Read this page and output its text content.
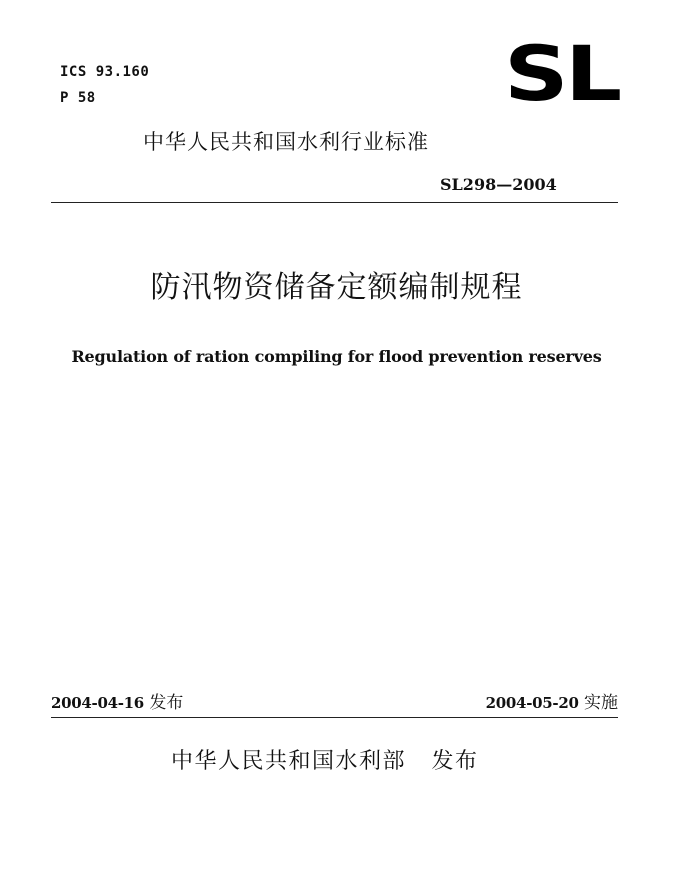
ICS 93.160
P 58	SL
中华人民共和国水利行业标准
SL298—2004
防汛物资储备定额编制规程
Regulation of ration compiling for flood prevention reserves
2004-04-16 发布	2004-05-20 实施
中华人民共和国水利部 发布
